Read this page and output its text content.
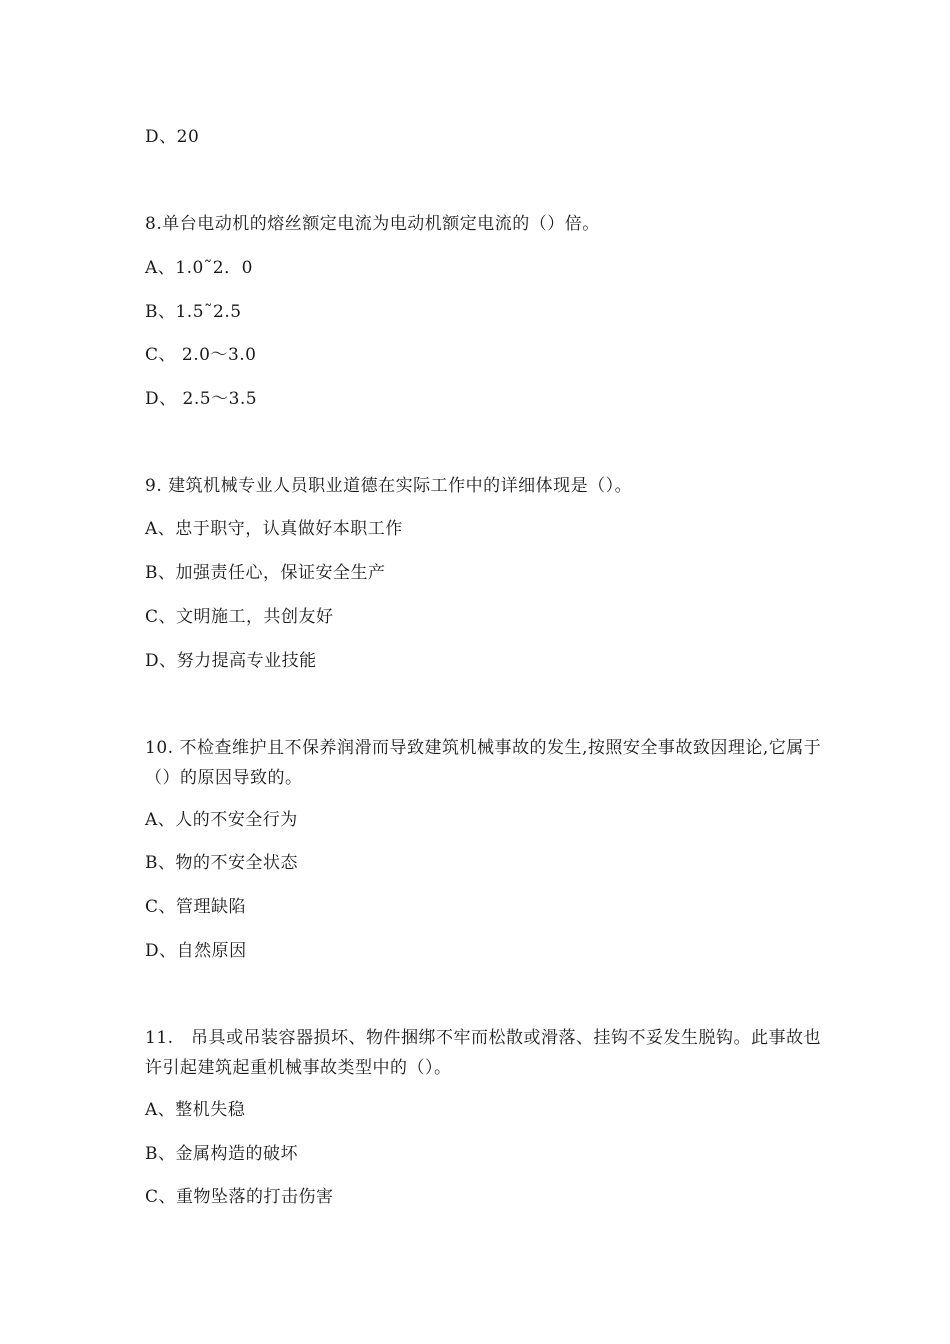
D、20
8.单台电动机的熔丝额定电流为电动机额定电流的（）倍。
A、1.0˜2．0
B、1.5˜2.5
C、 2.0～3.0
D、 2.5～3.5
9. 建筑机械专业人员职业道德在实际工作中的详细体现是（）。
A、忠于职守，认真做好本职工作
B、加强责任心，保证安全生产
C、文明施工，共创友好
D、努力提高专业技能
10. 不检查维护且不保养润滑而导致建筑机械事故的发生,按照安全事故致因理论,它属于（）的原因导致的。
A、人的不安全行为
B、物的不安全状态
C、管理缺陷
D、自然原因
11.　吊具或吊装容器损坏、物件捆绑不牢而松散或滑落、挂钩不妥发生脱钩。此事故也许引起建筑起重机械事故类型中的（）。
A、整机失稳
B、金属构造的破坏
C、重物坠落的打击伤害
